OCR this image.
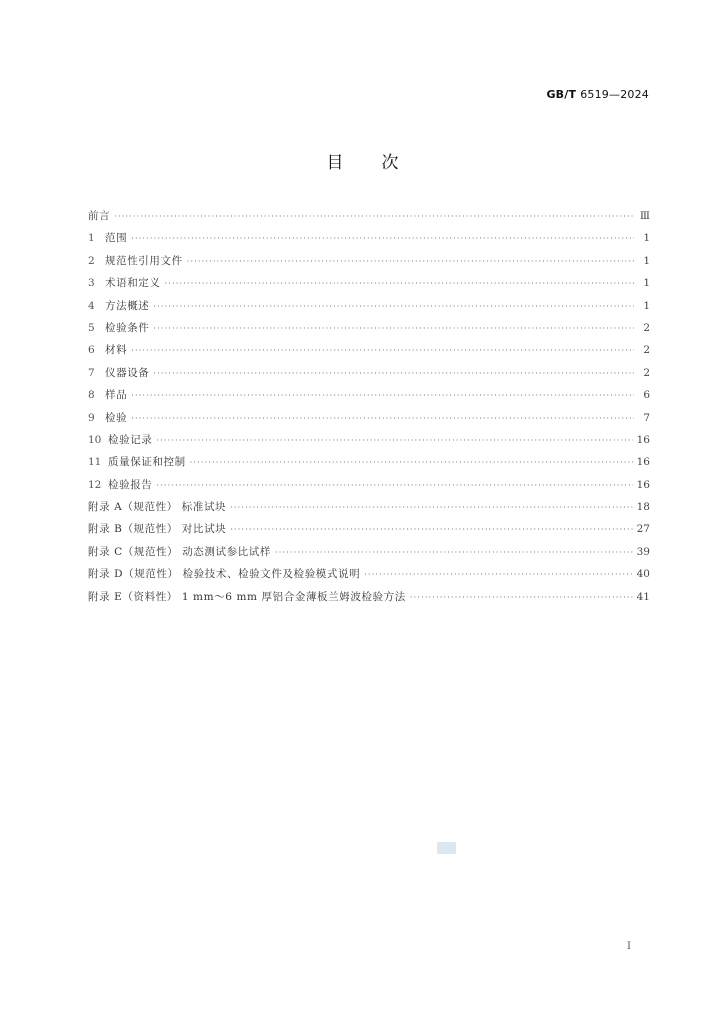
GB/T 6519—2024
目次
前言 ·····	Ⅲ
1 范围 ·····	1
2 规范性引用文件 ·····	1
3 术语和定义 ·····	1
4 方法概述 ·····	1
5 检验条件 ·····	2
6 材料 ·····	2
7 仪器设备 ·····	2
8 样品 ·····	6
9 检验 ·····	7
10 检验记录 ·····	16
11 质量保证和控制 ·····	16
12 检验报告 ·····	16
附录 A（规范性） 标准试块 ·····	18
附录 B（规范性） 对比试块 ·····	27
附录 C（规范性） 动态测试参比试样 ·····	39
附录 D（规范性） 检验技术、检验文件及检验模式说明 ·····	40
附录 E（资料性） 1 mm～6 mm 厚铝合金薄板兰姆波检验方法 ·····	41
Ⅰ
